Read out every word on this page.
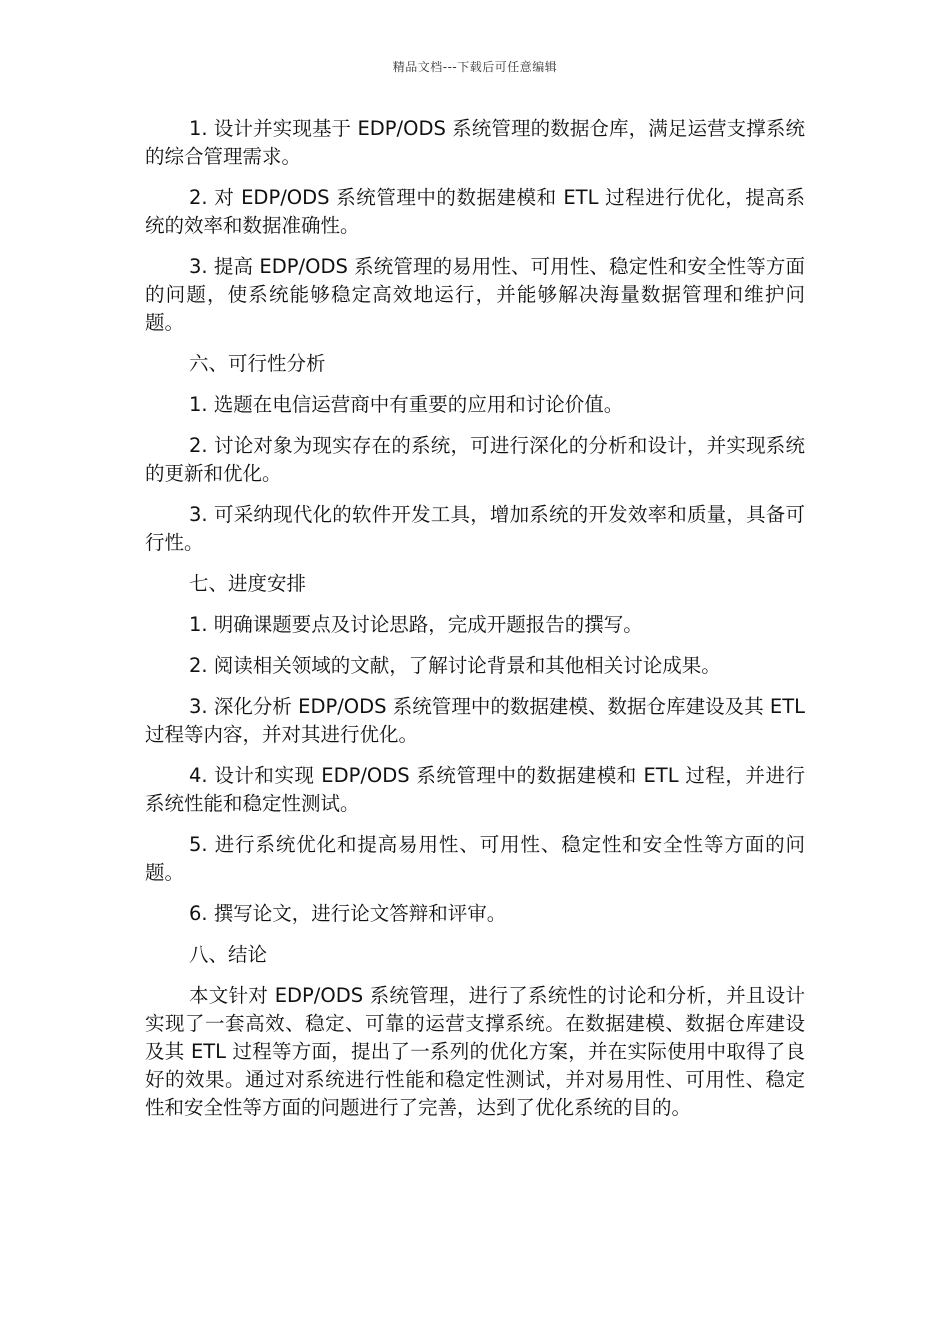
精品文档---下载后可任意编辑

1. 设计并实现基于 EDP/ODS 系统管理的数据仓库，满足运营支撑系统的综合管理需求。

2. 对 EDP/ODS 系统管理中的数据建模和 ETL 过程进行优化，提高系统的效率和数据准确性。

3. 提高 EDP/ODS 系统管理的易用性、可用性、稳定性和安全性等方面的问题，使系统能够稳定高效地运行，并能够解决海量数据管理和维护问题。

六、可行性分析

1. 选题在电信运营商中有重要的应用和讨论价值。

2. 讨论对象为现实存在的系统，可进行深化的分析和设计，并实现系统的更新和优化。

3. 可采纳现代化的软件开发工具，增加系统的开发效率和质量，具备可行性。

七、进度安排

1. 明确课题要点及讨论思路，完成开题报告的撰写。

2. 阅读相关领域的文献，了解讨论背景和其他相关讨论成果。

3. 深化分析 EDP/ODS 系统管理中的数据建模、数据仓库建设及其 ETL 过程等内容，并对其进行优化。

4. 设计和实现 EDP/ODS 系统管理中的数据建模和 ETL 过程，并进行系统性能和稳定性测试。

5. 进行系统优化和提高易用性、可用性、稳定性和安全性等方面的问题。

6. 撰写论文，进行论文答辩和评审。

八、结论

本文针对 EDP/ODS 系统管理，进行了系统性的讨论和分析，并且设计实现了一套高效、稳定、可靠的运营支撑系统。在数据建模、数据仓库建设及其 ETL 过程等方面，提出了一系列的优化方案，并在实际使用中取得了良好的效果。通过对系统进行性能和稳定性测试，并对易用性、可用性、稳定性和安全性等方面的问题进行了完善，达到了优化系统的目的。
